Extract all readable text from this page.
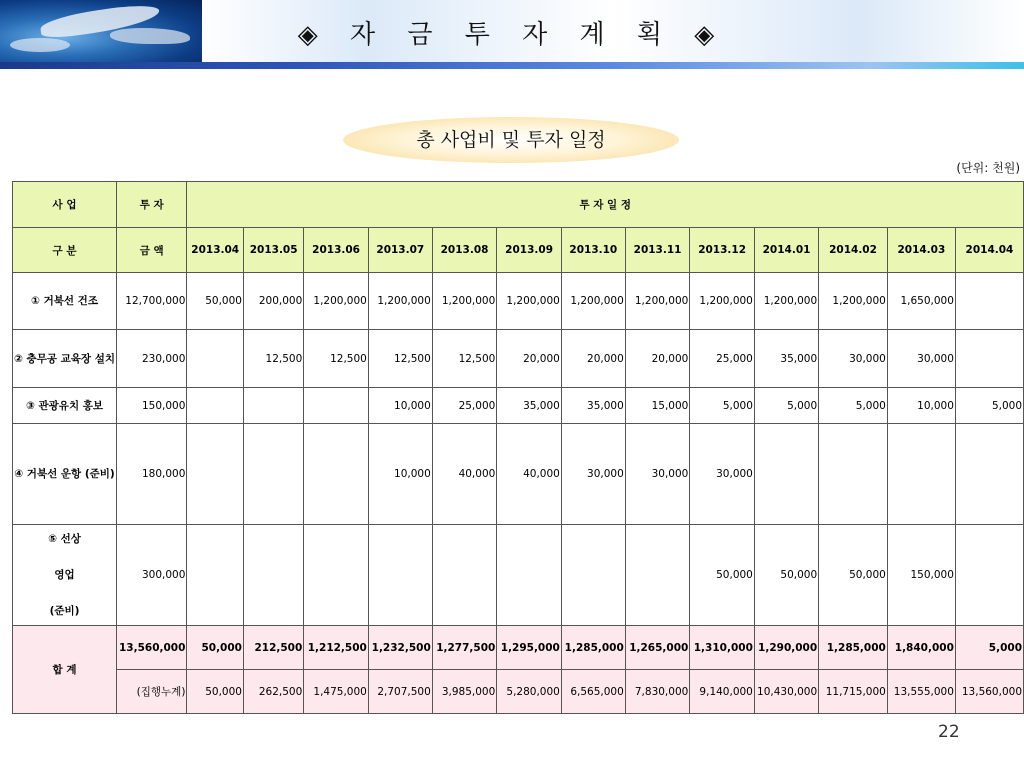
◈ 자 금 투 자 계 획 ◈
총 사업비 및 투자 일정
(단위: 천원)
사 업	투 자	투 자 일 정												
구 분	금 액	2013.04	2013.05	2013.06	2013.07	2013.08	2013.09	2013.10	2013.11	2013.12	2014.01	2014.02	2014.03	2014.04
① 거북선 건조	12,700,000	50,000	200,000	1,200,000	1,200,000	1,200,000	1,200,000	1,200,000	1,200,000	1,200,000	1,200,000	1,200,000	1,650,000	
② 충무공 교육장 설치	230,000		12,500	12,500	12,500	12,500	20,000	20,000	20,000	25,000	35,000	30,000	30,000	
③ 관광유치 홍보	150,000				10,000	25,000	35,000	35,000	15,000	5,000	5,000	5,000	10,000	5,000
④ 거북선 운항 (준비)	180,000				10,000	40,000	40,000	30,000	30,000	30,000				

⑤ 선상
영업
(준비)	300,000									50,000	50,000	50,000	150,000	
합 계	13,560,000	50,000	212,500	1,212,500	1,232,500	1,277,500	1,295,000	1,285,000	1,265,000	1,310,000	1,290,000	1,285,000	1,840,000	5,000
	(집행누계)	50,000	262,500	1,475,000	2,707,500	3,985,000	5,280,000	6,565,000	7,830,000	9,140,000	10,430,000	11,715,000	13,555,000	13,560,000
22
